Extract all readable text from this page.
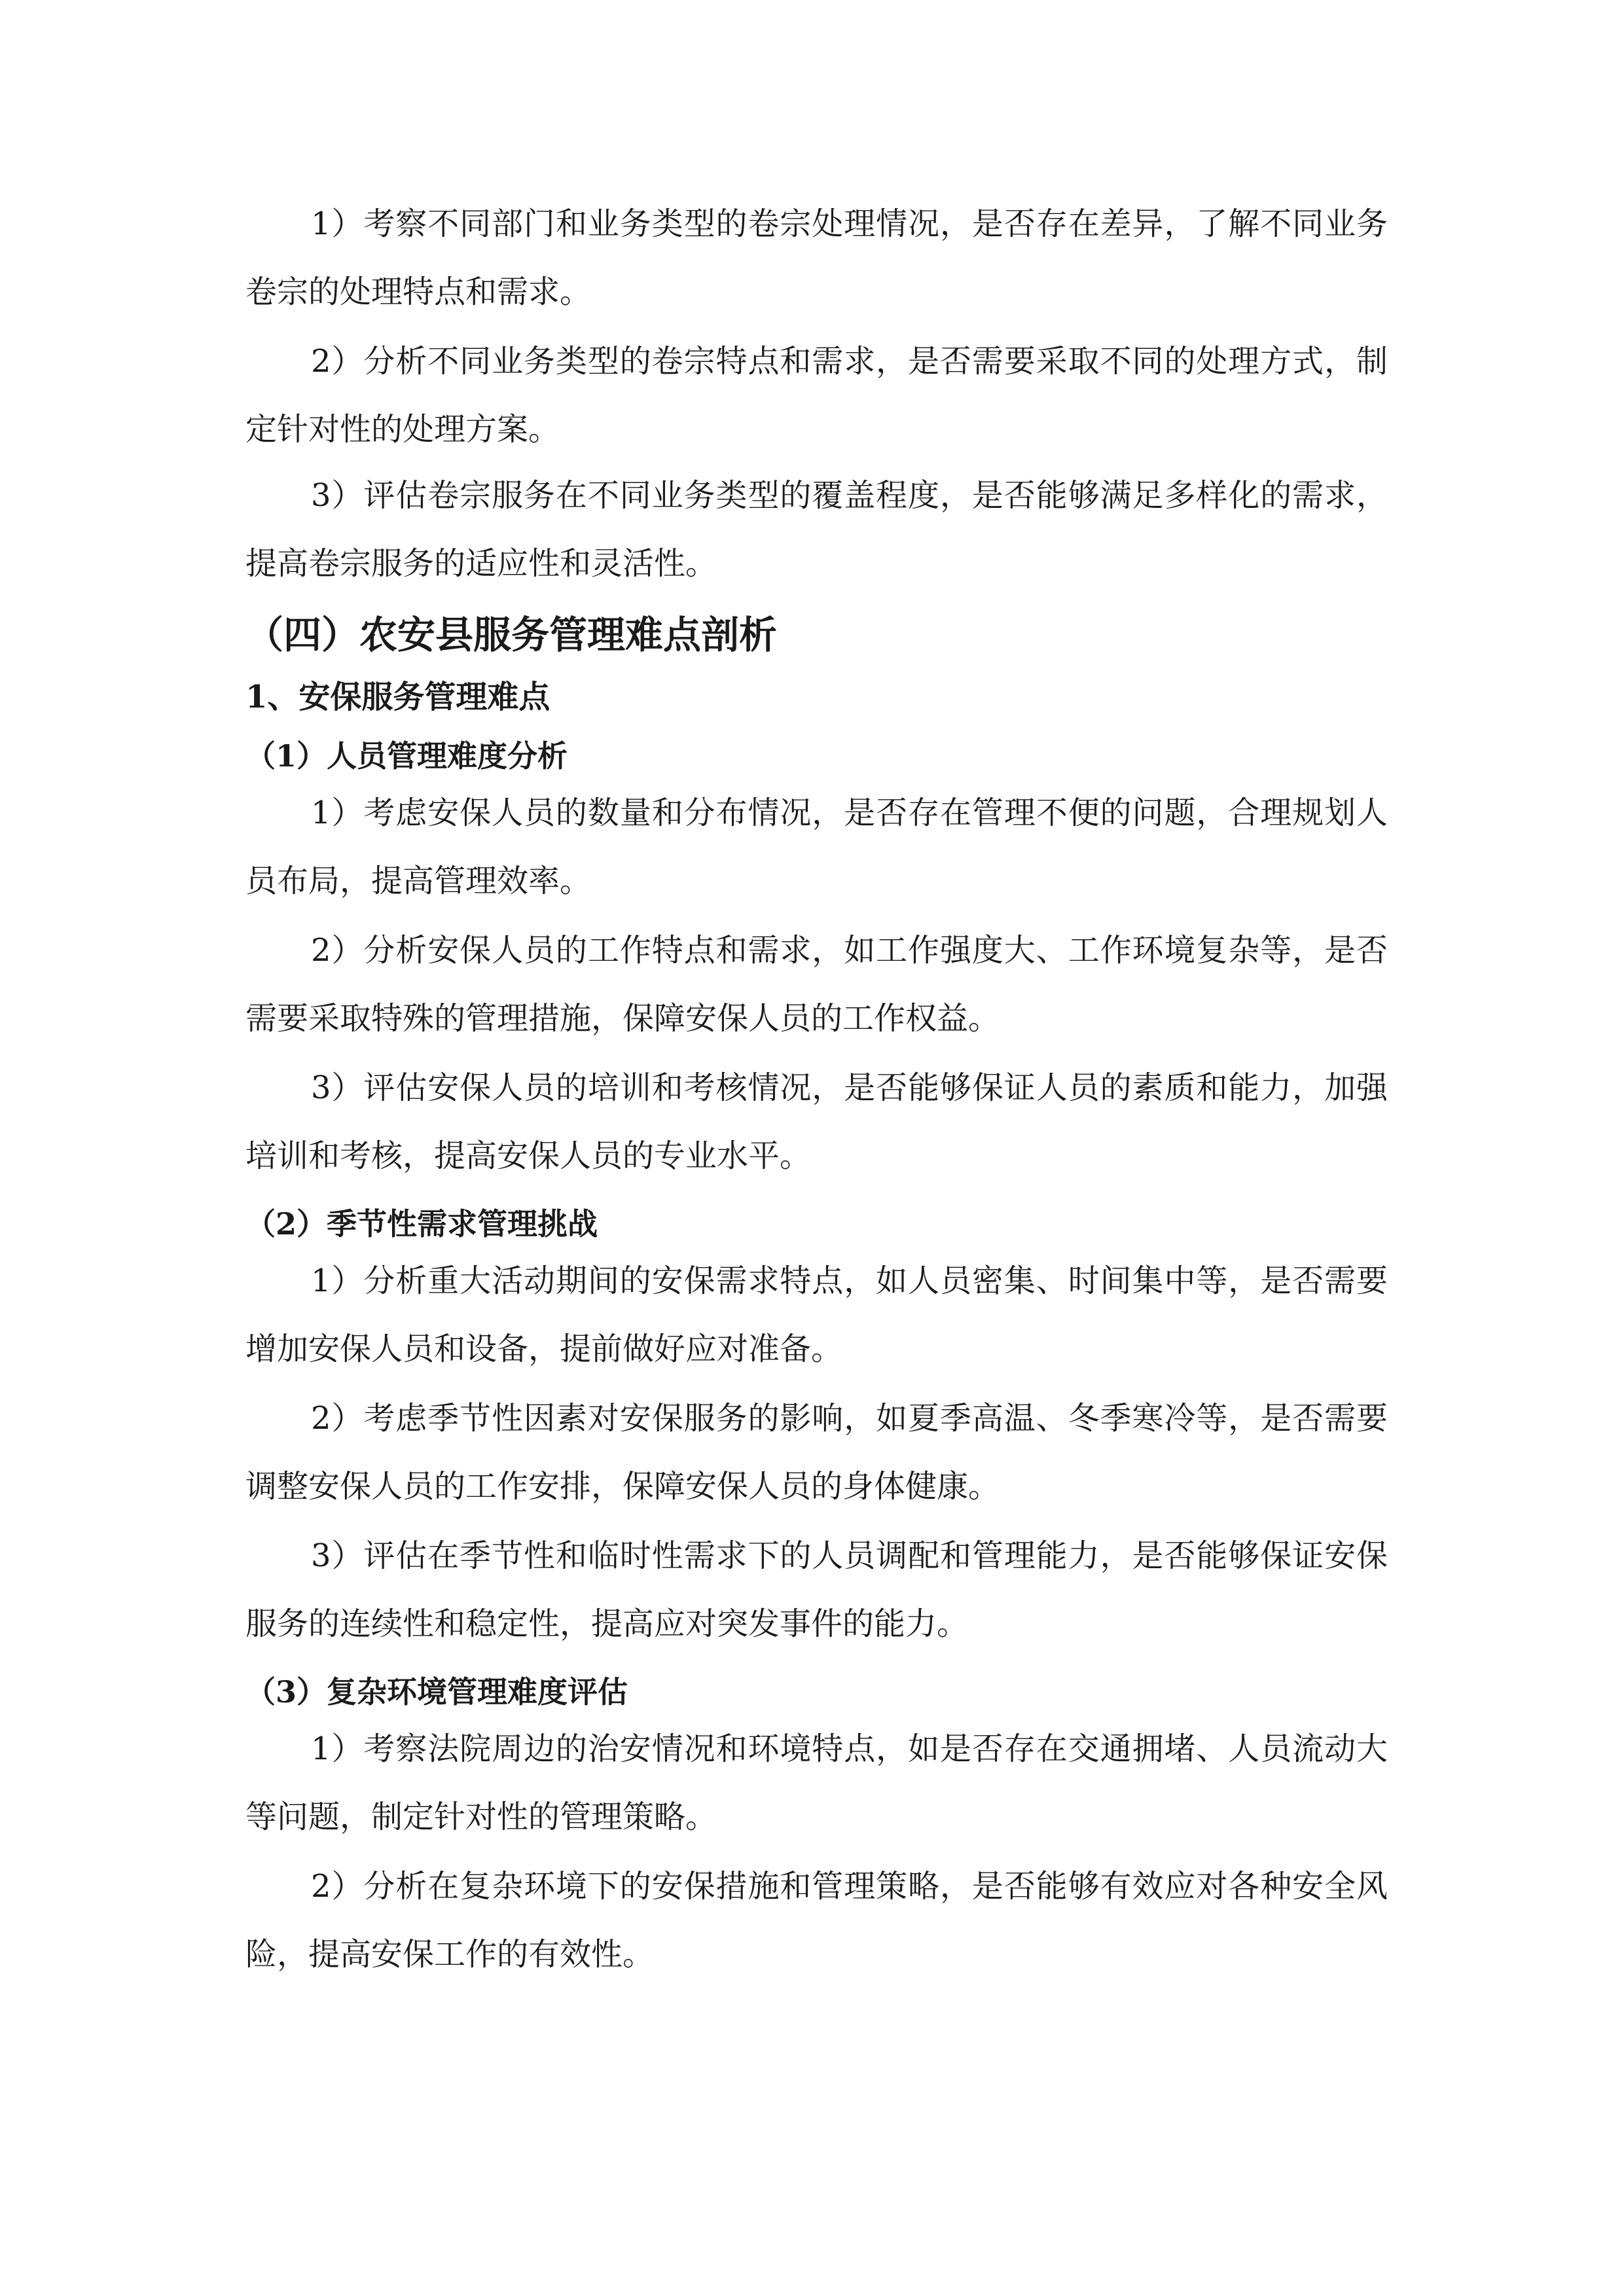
1）考察不同部门和业务类型的卷宗处理情况，是否存在差异，了解不同业务卷宗的处理特点和需求。

2）分析不同业务类型的卷宗特点和需求，是否需要采取不同的处理方式，制定针对性的处理方案。

3）评估卷宗服务在不同业务类型的覆盖程度，是否能够满足多样化的需求，提高卷宗服务的适应性和灵活性。

（四）农安县服务管理难点剖析
1、安保服务管理难点
（1）人员管理难度分析

1）考虑安保人员的数量和分布情况，是否存在管理不便的问题，合理规划人员布局，提高管理效率。

2）分析安保人员的工作特点和需求，如工作强度大、工作环境复杂等，是否需要采取特殊的管理措施，保障安保人员的工作权益。

3）评估安保人员的培训和考核情况，是否能够保证人员的素质和能力，加强培训和考核，提高安保人员的专业水平。

（2）季节性需求管理挑战

1）分析重大活动期间的安保需求特点，如人员密集、时间集中等，是否需要增加安保人员和设备，提前做好应对准备。

2）考虑季节性因素对安保服务的影响，如夏季高温、冬季寒冷等，是否需要调整安保人员的工作安排，保障安保人员的身体健康。

3）评估在季节性和临时性需求下的人员调配和管理能力，是否能够保证安保服务的连续性和稳定性，提高应对突发事件的能力。

（3）复杂环境管理难度评估

1）考察法院周边的治安情况和环境特点，如是否存在交通拥堵、人员流动大等问题，制定针对性的管理策略。

2）分析在复杂环境下的安保措施和管理策略，是否能够有效应对各种安全风险，提高安保工作的有效性。
